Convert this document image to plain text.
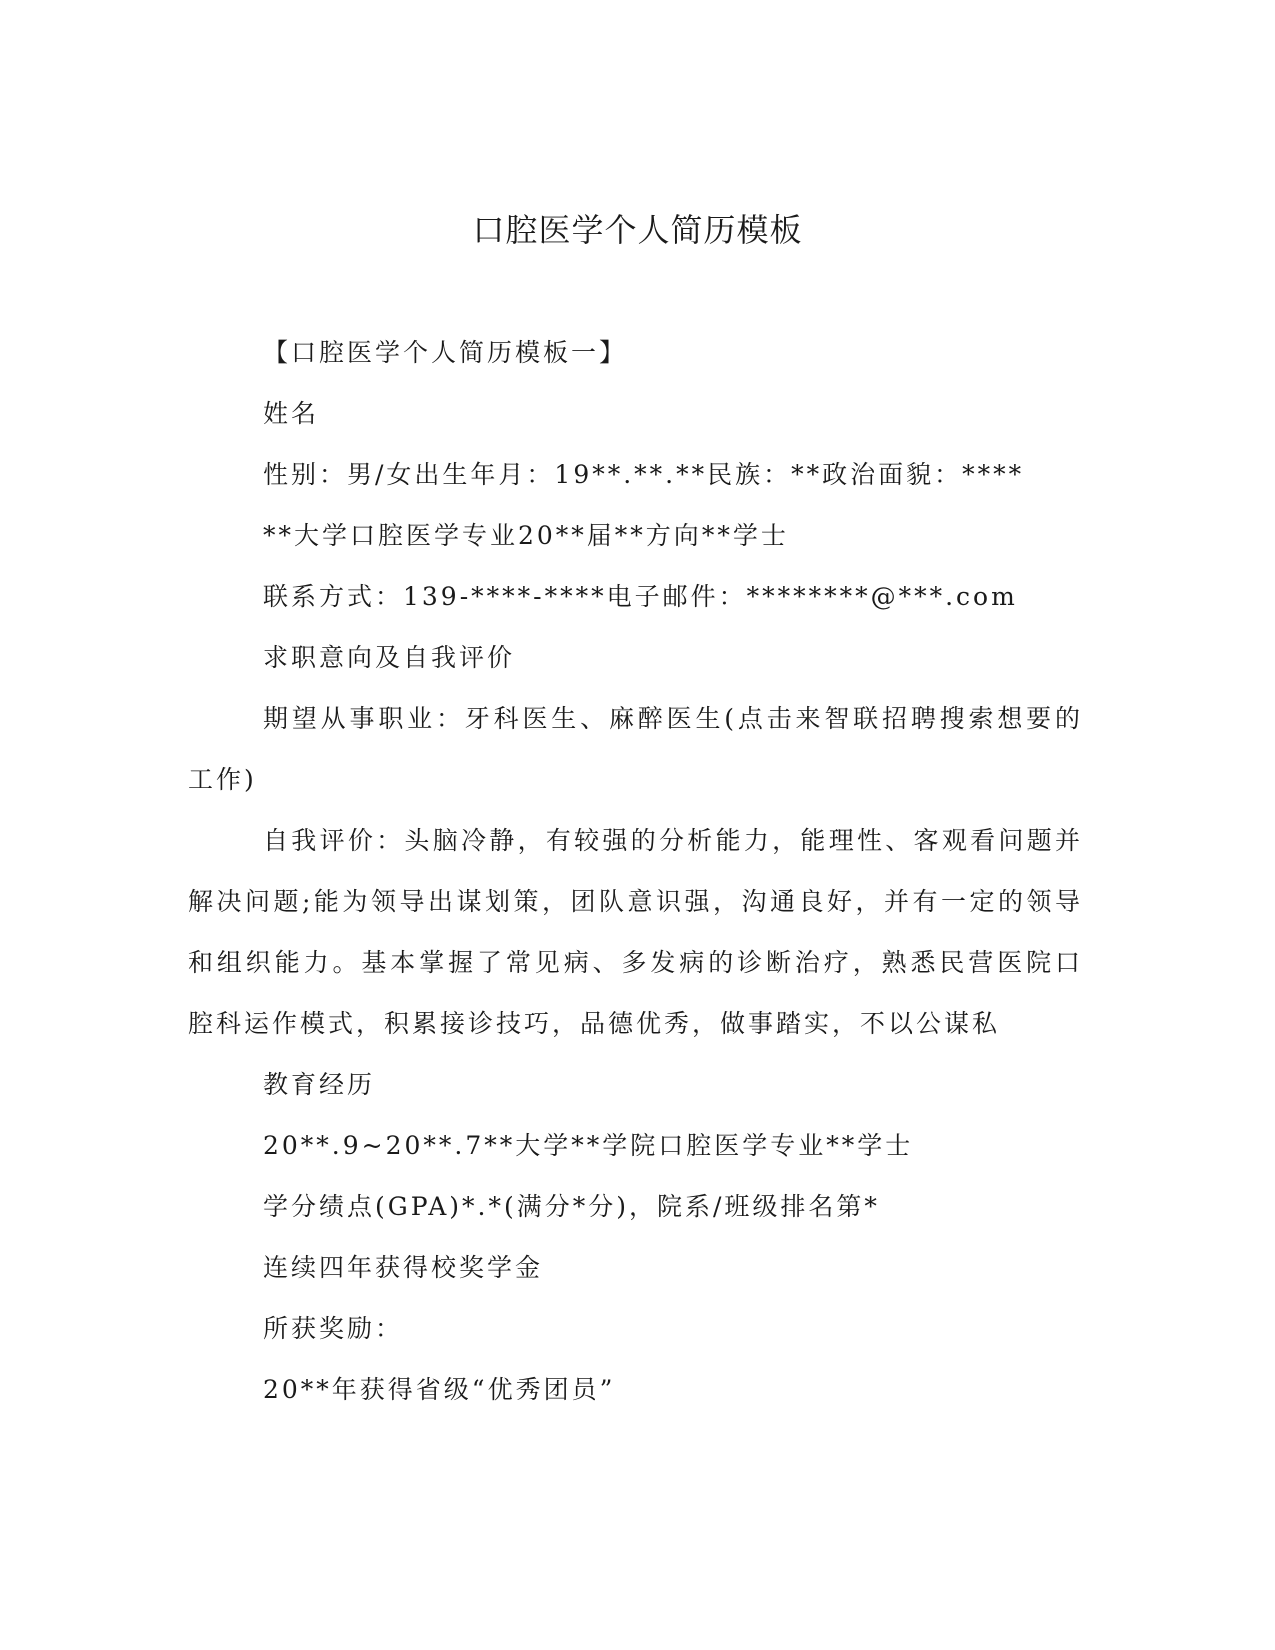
口腔医学个人简历模板

【口腔医学个人简历模板一】

姓名

性别：男/女出生年月：19**.**.**民族：**政治面貌：****

**大学口腔医学专业20**届**方向**学士

联系方式：139-****-****电子邮件：********@***.com

求职意向及自我评价

期望从事职业：牙科医生、麻醉医生(点击来智联招聘搜索想要的工作)

自我评价：头脑冷静，有较强的分析能力，能理性、客观看问题并解决问题;能为领导出谋划策，团队意识强，沟通良好，并有一定的领导和组织能力。基本掌握了常见病、多发病的诊断治疗，熟悉民营医院口腔科运作模式，积累接诊技巧，品德优秀，做事踏实，不以公谋私

教育经历

20**.9~20**.7**大学**学院口腔医学专业**学士

学分绩点(GPA)*.*(满分*分)，院系/班级排名第*

连续四年获得校奖学金

所获奖励：

20**年获得省级“优秀团员”
